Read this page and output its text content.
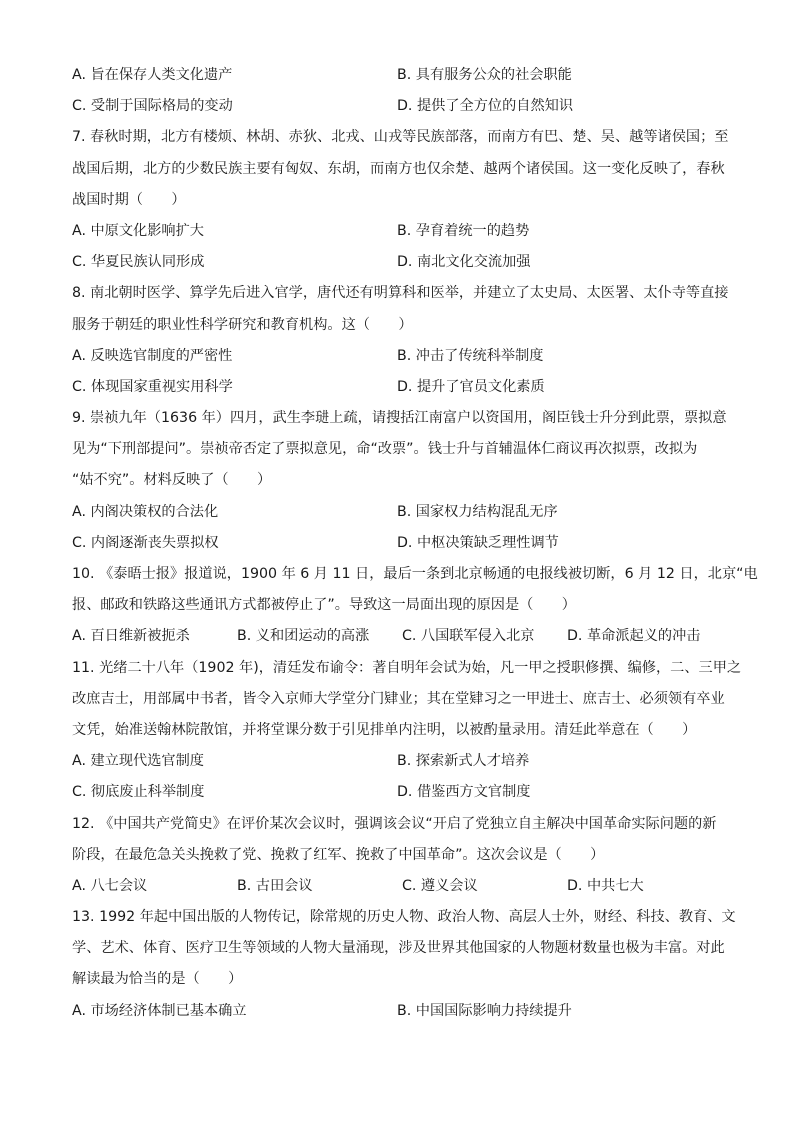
A. 旨在保存人类文化遗产	B. 具有服务公众的社会职能
C. 受制于国际格局的变动	D. 提供了全方位的自然知识
7. 春秋时期，北方有楼烦、林胡、赤狄、北戎、山戎等民族部落，而南方有巴、楚、吴、越等诸侯国；至
战国后期，北方的少数民族主要有匈奴、东胡，而南方也仅余楚、越两个诸侯国。这一变化反映了，春秋
战国时期（　　）
A. 中原文化影响扩大	B. 孕育着统一的趋势
C. 华夏民族认同形成	D. 南北文化交流加强
8. 南北朝时医学、算学先后进入官学，唐代还有明算科和医举，并建立了太史局、太医署、太仆寺等直接
服务于朝廷的职业性科学研究和教育机构。这（　　）
A. 反映选官制度的严密性	B. 冲击了传统科举制度
C. 体现国家重视实用科学	D. 提升了官员文化素质
9. 崇祯九年（1636 年）四月，武生李琎上疏，请搜括江南富户以资国用，阁臣钱士升分到此票，票拟意
见为“下刑部提问”。崇祯帝否定了票拟意见，命“改票”。钱士升与首辅温体仁商议再次拟票，改拟为
“姑不究”。材料反映了（　　）
A. 内阁决策权的合法化	B. 国家权力结构混乱无序
C. 内阁逐渐丧失票拟权	D. 中枢决策缺乏理性调节
10. 《泰晤士报》报道说，1900 年 6 月 11 日，最后一条到北京畅通的电报线被切断，6 月 12 日，北京“电
报、邮政和铁路这些通讯方式都被停止了”。导致这一局面出现的原因是（　　）
A. 百日维新被扼杀	B. 义和团运动的高涨	C. 八国联军侵入北京	D. 革命派起义的冲击
11. 光绪二十八年（1902 年)，清廷发布谕令：著自明年会试为始，凡一甲之授职修撰、编修，二、三甲之
改庶吉士，用部属中书者，皆令入京师大学堂分门肄业；其在堂肄习之一甲进士、庶吉士、必须领有卒业
文凭，始准送翰林院散馆，并将堂课分数于引见排单内注明，以被酌量录用。清廷此举意在（　　）
A. 建立现代选官制度	B. 探索新式人才培养
C. 彻底废止科举制度	D. 借鉴西方文官制度
12. 《中国共产党简史》在评价某次会议时，强调该会议“开启了党独立自主解决中国革命实际问题的新
阶段，在最危急关头挽救了党、挽救了红军、挽救了中国革命”。这次会议是（　　）
A. 八七会议	B. 古田会议	C. 遵义会议	D. 中共七大
13. 1992 年起中国出版的人物传记，除常规的历史人物、政治人物、高层人士外，财经、科技、教育、文
学、艺术、体育、医疗卫生等领域的人物大量涌现，涉及世界其他国家的人物题材数量也极为丰富。对此
解读最为恰当的是（　　）
A. 市场经济体制已基本确立	B. 中国国际影响力持续提升
